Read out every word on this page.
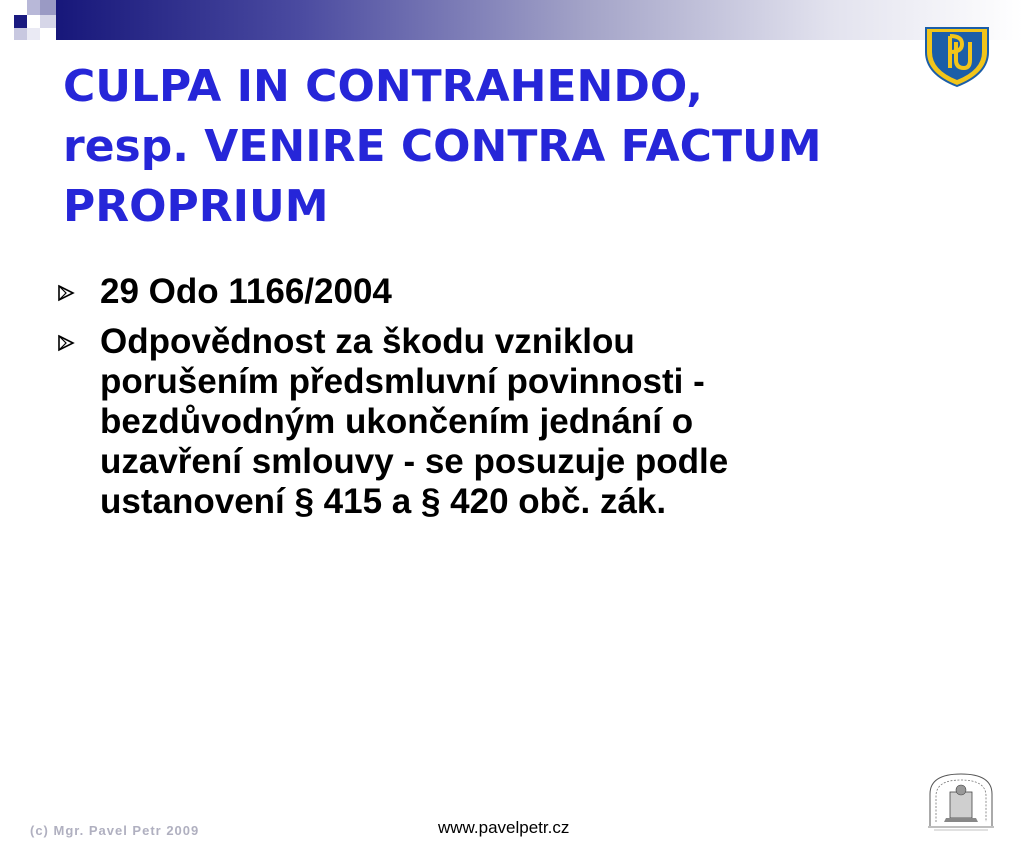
CULPA IN CONTRAHENDO,
resp. VENIRE CONTRA FACTUM
PROPRIUM
29 Odo 1166/2004
Odpovědnost za škodu vzniklou
porušením předsmluvní povinnosti -
bezdůvodným ukončením jednání o
uzavření smlouvy - se posuzuje podle
ustanovení § 415 a § 420 obč. zák.
(c) Mgr. Pavel Petr 2009	www.pavelpetr.cz
